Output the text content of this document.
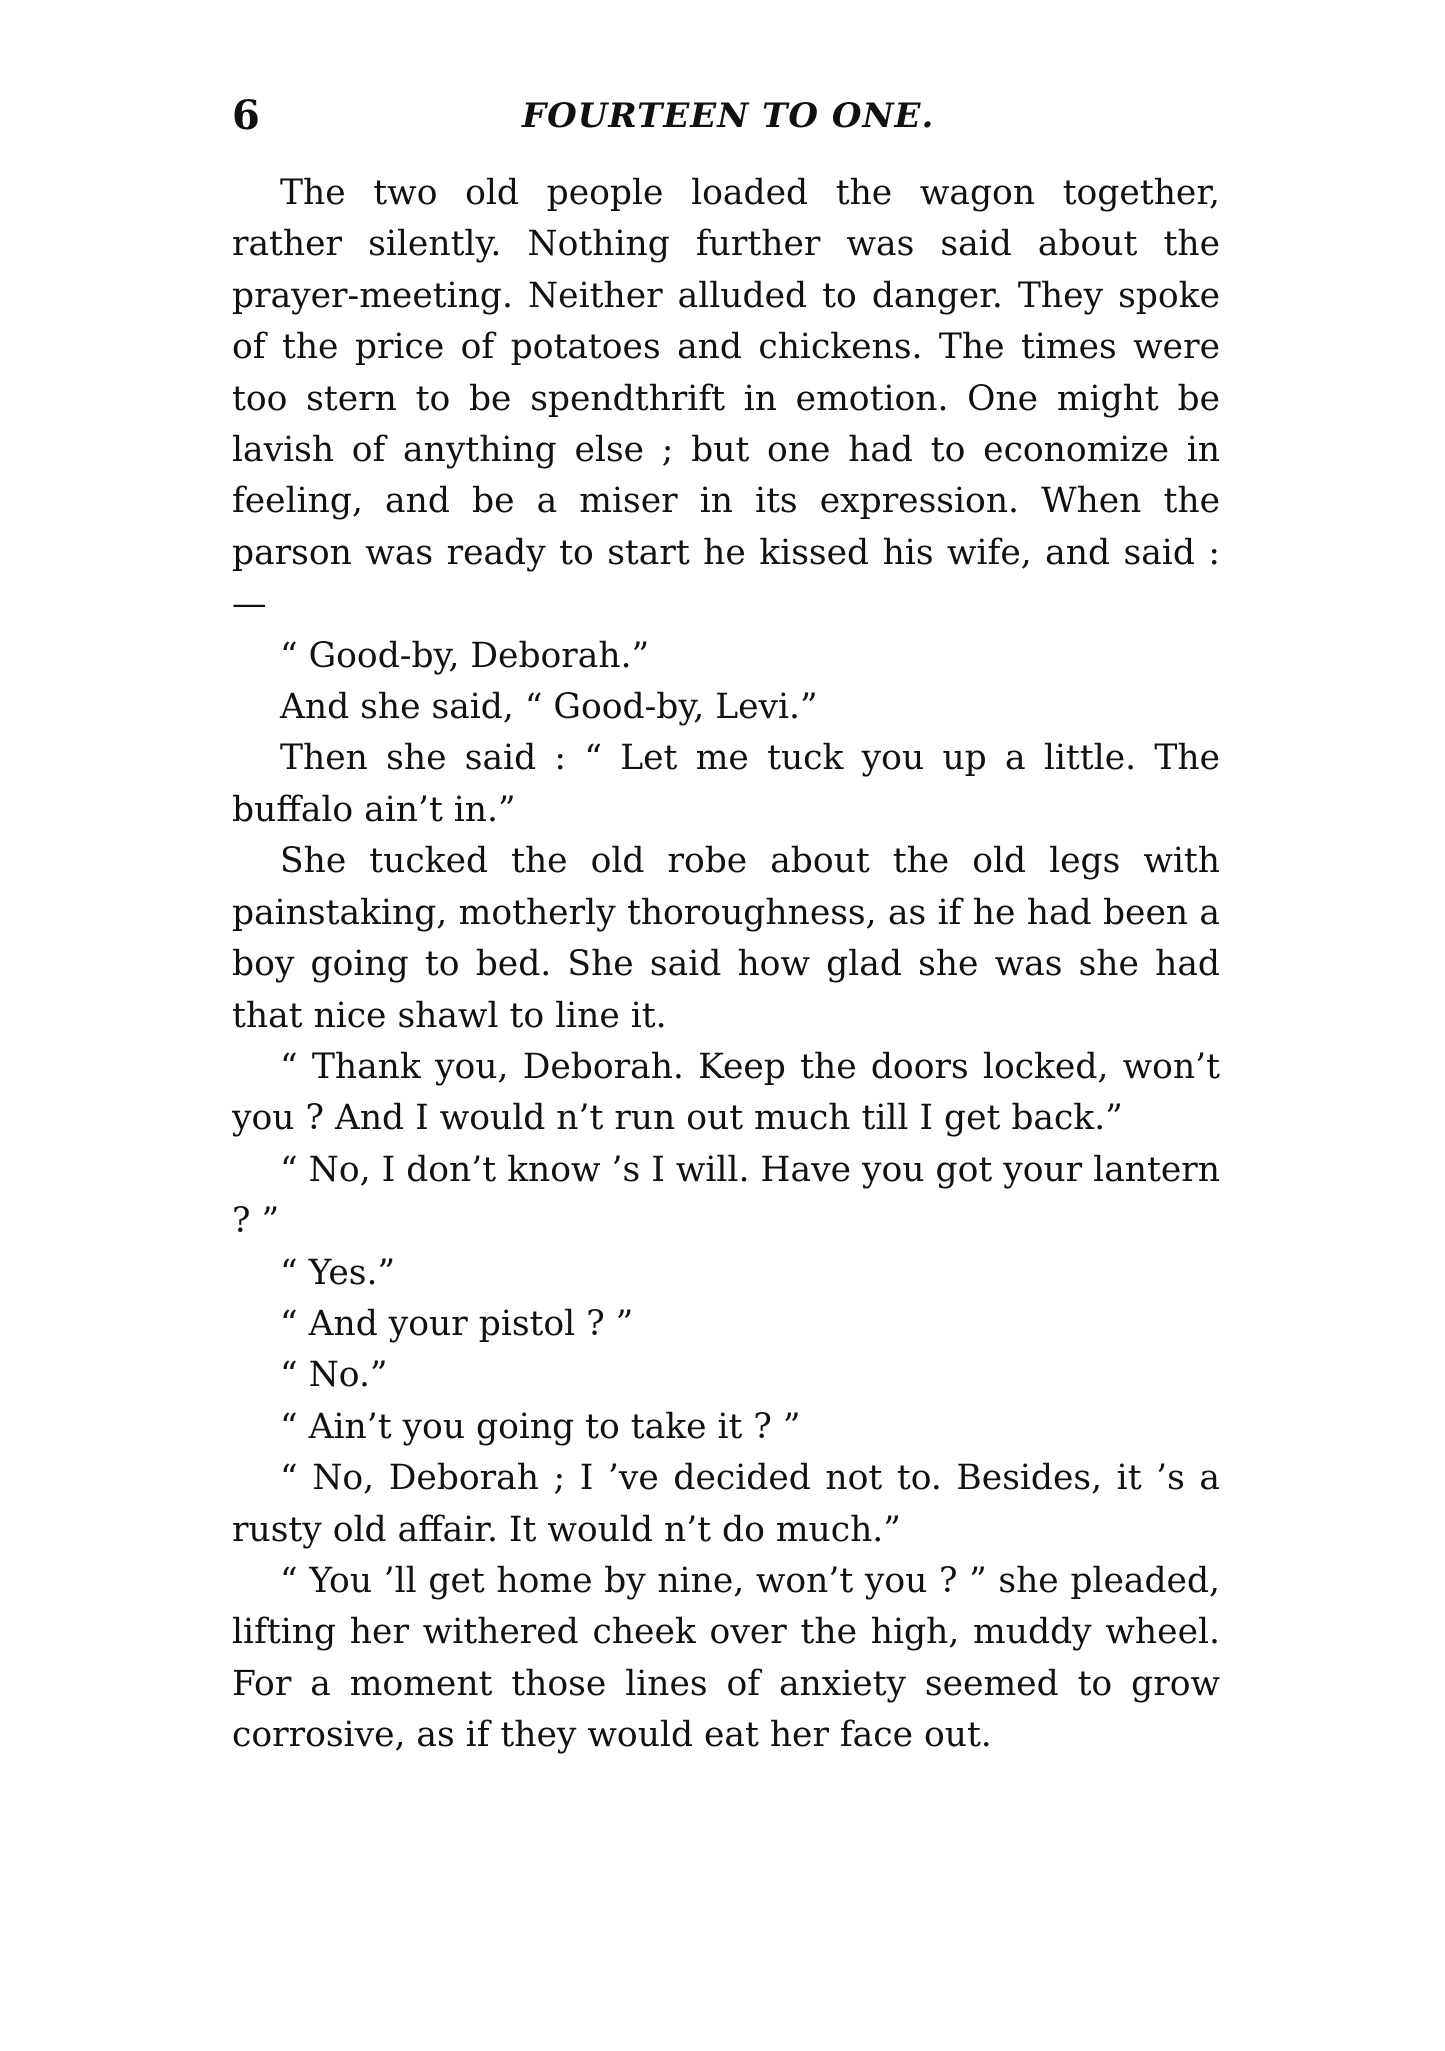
6	FOURTEEN TO ONE.

The two old people loaded the wagon together, rather silently. Nothing further was said about the prayer-meeting. Neither alluded to danger. They spoke of the price of potatoes and chickens. The times were too stern to be spendthrift in emotion. One might be lavish of anything else ; but one had to economize in feeling, and be a miser in its expression. When the parson was ready to start he kissed his wife, and said : —

“ Good-by, Deborah.”

And she said, “ Good-by, Levi.”

Then she said : “ Let me tuck you up a little. The buffalo ain’t in.”

She tucked the old robe about the old legs with painstaking, motherly thoroughness, as if he had been a boy going to bed. She said how glad she was she had that nice shawl to line it.

“ Thank you, Deborah. Keep the doors locked, won’t you ? And I would n’t run out much till I get back.”

“ No, I don’t know ’s I will. Have you got your lantern ? ”

“ Yes.”

“ And your pistol ? ”

“ No.”

“ Ain’t you going to take it ? ”

“ No, Deborah ; I ’ve decided not to. Besides, it ’s a rusty old affair. It would n’t do much.”

“ You ’ll get home by nine, won’t you ? ” she pleaded, lifting her withered cheek over the high, muddy wheel. For a moment those lines of anxiety seemed to grow corrosive, as if they would eat her face out.
